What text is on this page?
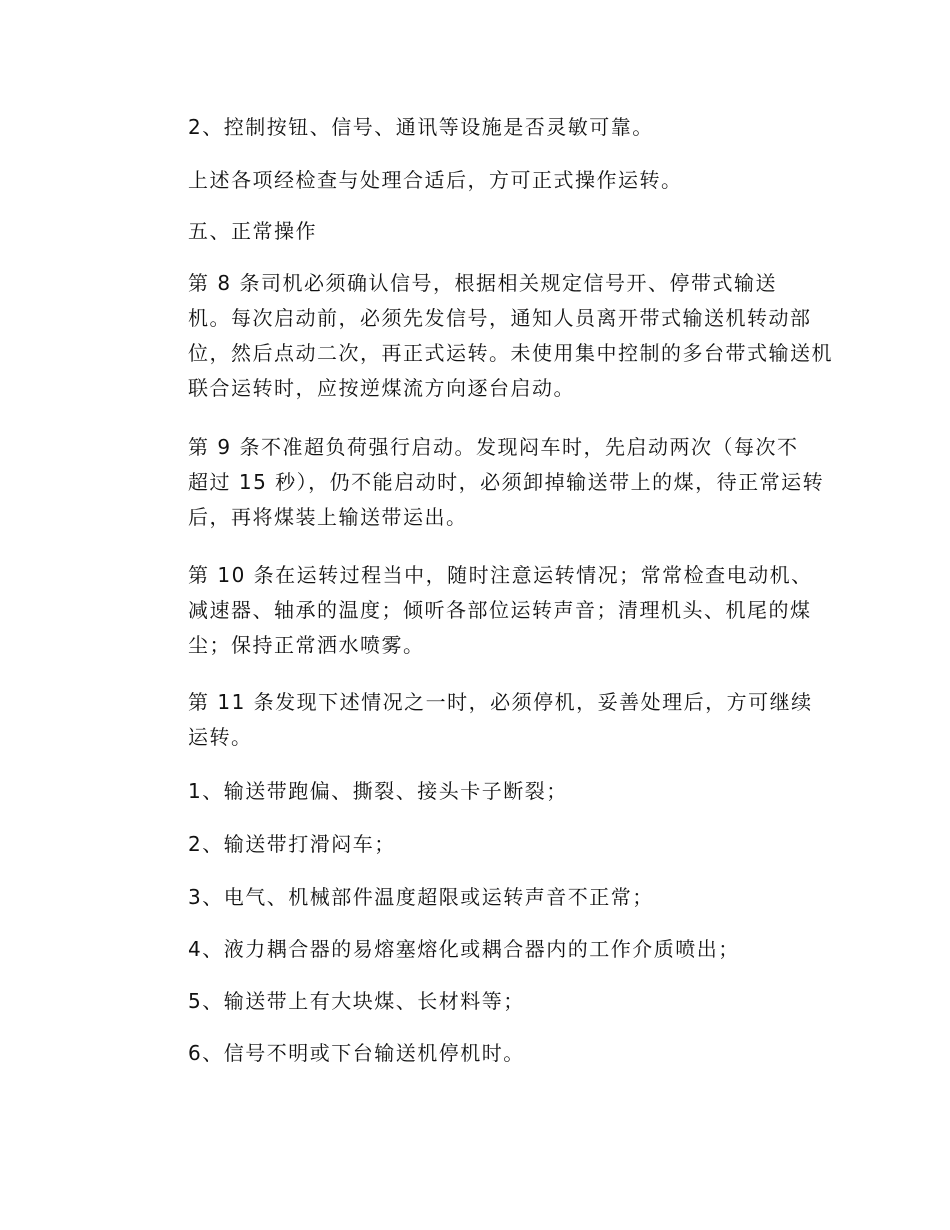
2、控制按钮、信号、通讯等设施是否灵敏可靠。

上述各项经检查与处理合适后，方可正式操作运转。

五、正常操作

第 8 条司机必须确认信号，根据相关规定信号开、停带式输送
机。每次启动前，必须先发信号，通知人员离开带式输送机转动部
位，然后点动二次，再正式运转。未使用集中控制的多台带式输送机
联合运转时，应按逆煤流方向逐台启动。

第 9 条不准超负荷强行启动。发现闷车时，先启动两次（每次不
超过 15 秒），仍不能启动时，必须卸掉输送带上的煤，待正常运转
后，再将煤装上输送带运出。

第 10 条在运转过程当中，随时注意运转情况；常常检查电动机、
减速器、轴承的温度；倾听各部位运转声音；清理机头、机尾的煤
尘；保持正常洒水喷雾。

第 11 条发现下述情况之一时，必须停机，妥善处理后，方可继续
运转。

1、输送带跑偏、撕裂、接头卡子断裂；

2、输送带打滑闷车；

3、电气、机械部件温度超限或运转声音不正常；

4、液力耦合器的易熔塞熔化或耦合器内的工作介质喷出；

5、输送带上有大块煤、长材料等；

6、信号不明或下台输送机停机时。
